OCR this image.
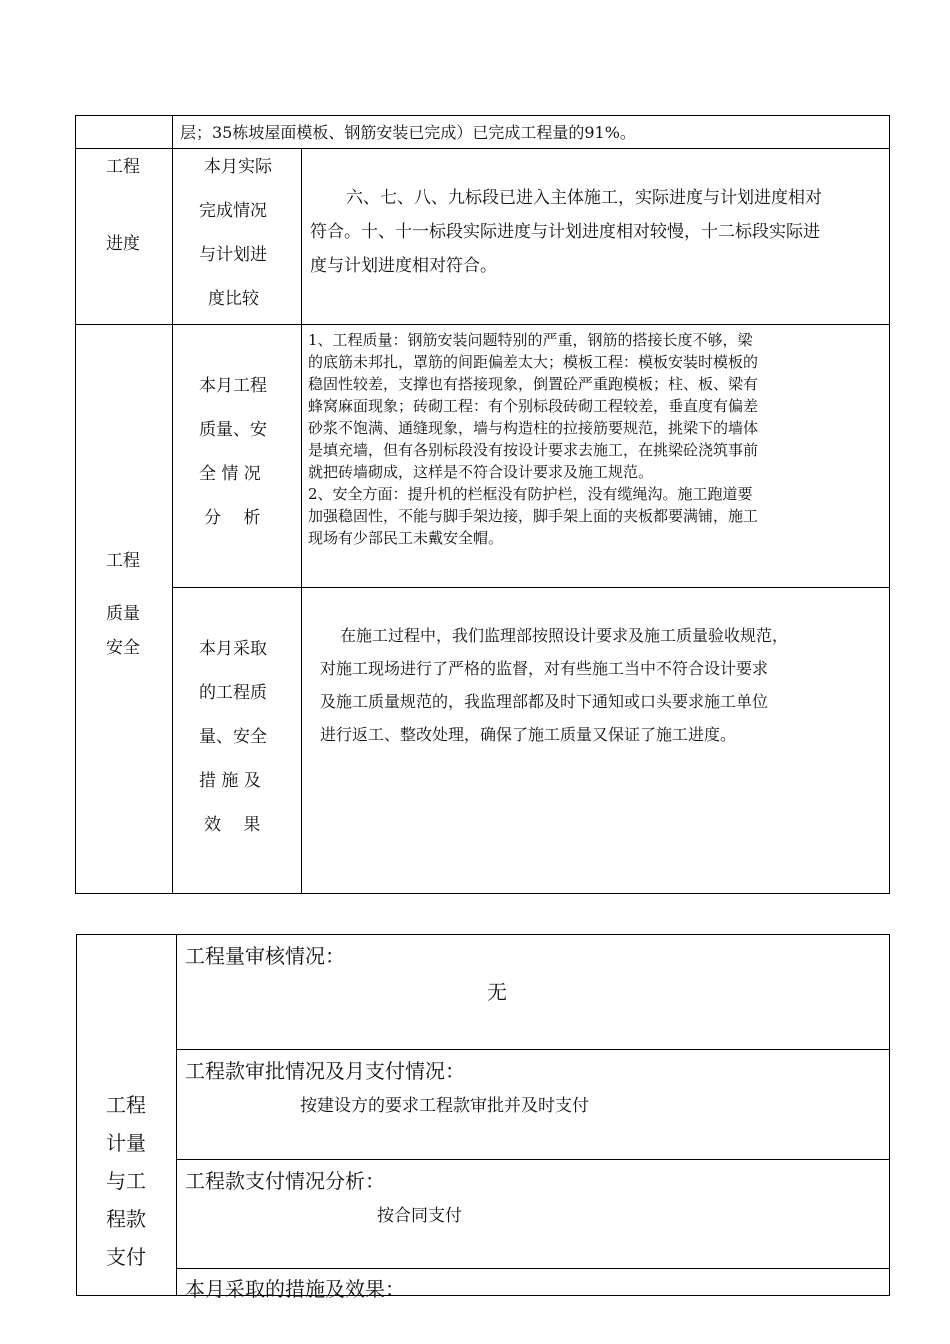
层；35栋坡屋面模板、钢筋安装已完成）已完成工程量的91%。
工程
进度
本月实际
完成情况
与计划进
度比较
六、七、八、九标段已进入主体施工，实际进度与计划进度相对
符合。十、十一标段实际进度与计划进度相对较慢，十二标段实际进
度与计划进度相对符合。
工程
质量
安全
本月工程
质量、安
全 情 况
分　 析
1、工程质量：钢筋安装问题特别的严重，钢筋的搭接长度不够，梁
的底筋未邦扎，罩筋的间距偏差太大；模板工程：模板安装时模板的
稳固性较差，支撑也有搭接现象，倒置砼严重跑模板；柱、板、梁有
蜂窝麻面现象；砖砌工程：有个别标段砖砌工程较差，垂直度有偏差
砂浆不饱满、通缝现象，墙与构造柱的拉接筋要规范，挑梁下的墙体
是填充墙，但有各别标段没有按设计要求去施工，在挑梁砼浇筑事前
就把砖墙砌成，这样是不符合设计要求及施工规范。
2、安全方面：提升机的栏框没有防护栏，没有缆绳沟。施工跑道要
加强稳固性，不能与脚手架边接，脚手架上面的夹板都要满铺，施工
现场有少部民工未戴安全帽。
本月采取
的工程质
量、安全
措 施 及
效　 果
在施工过程中，我们监理部按照设计要求及施工质量验收规范，
对施工现场进行了严格的监督，对有些施工当中不符合设计要求
及施工质量规范的，我监理部都及时下通知或口头要求施工单位
进行返工、整改处理，确保了施工质量又保证了施工进度。
工程
计量
与工
程款
支付
工程量审核情况：
无
工程款审批情况及月支付情况：
按建设方的要求工程款审批并及时支付
工程款支付情况分析：
按合同支付
本月采取的措施及效果：
